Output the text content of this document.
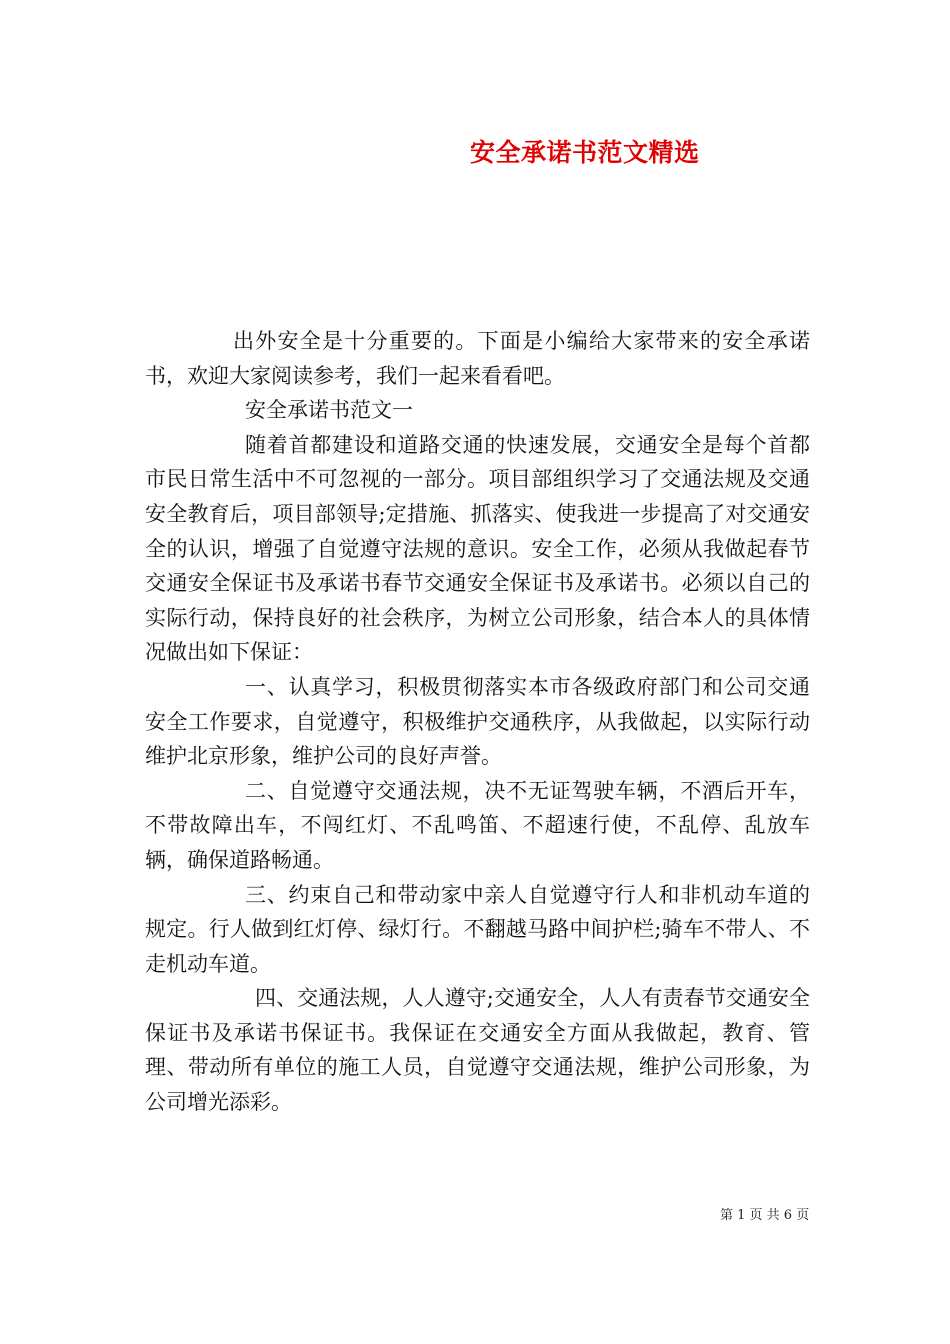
安全承诺书范文精选

出外安全是十分重要的。下面是小编给大家带来的安全承诺书，欢迎大家阅读参考，我们一起来看看吧。

安全承诺书范文一

随着首都建设和道路交通的快速发展，交通安全是每个首都市民日常生活中不可忽视的一部分。项目部组织学习了交通法规及交通安全教育后，项目部领导;定措施、抓落实、使我进一步提高了对交通安全的认识，增强了自觉遵守法规的意识。安全工作，必须从我做起春节交通安全保证书及承诺书春节交通安全保证书及承诺书。必须以自己的实际行动，保持良好的社会秩序，为树立公司形象，结合本人的具体情况做出如下保证：

一、认真学习，积极贯彻落实本市各级政府部门和公司交通安全工作要求，自觉遵守，积极维护交通秩序，从我做起，以实际行动维护北京形象，维护公司的良好声誉。

二、自觉遵守交通法规，决不无证驾驶车辆，不酒后开车，不带故障出车，不闯红灯、不乱鸣笛、不超速行使，不乱停、乱放车辆，确保道路畅通。

三、约束自己和带动家中亲人自觉遵守行人和非机动车道的规定。行人做到红灯停、绿灯行。不翻越马路中间护栏;骑车不带人、不走机动车道。

四、交通法规，人人遵守;交通安全，人人有责春节交通安全保证书及承诺书保证书。我保证在交通安全方面从我做起，教育、管理、带动所有单位的施工人员，自觉遵守交通法规，维护公司形象，为公司增光添彩。

第 1 页 共 6 页
